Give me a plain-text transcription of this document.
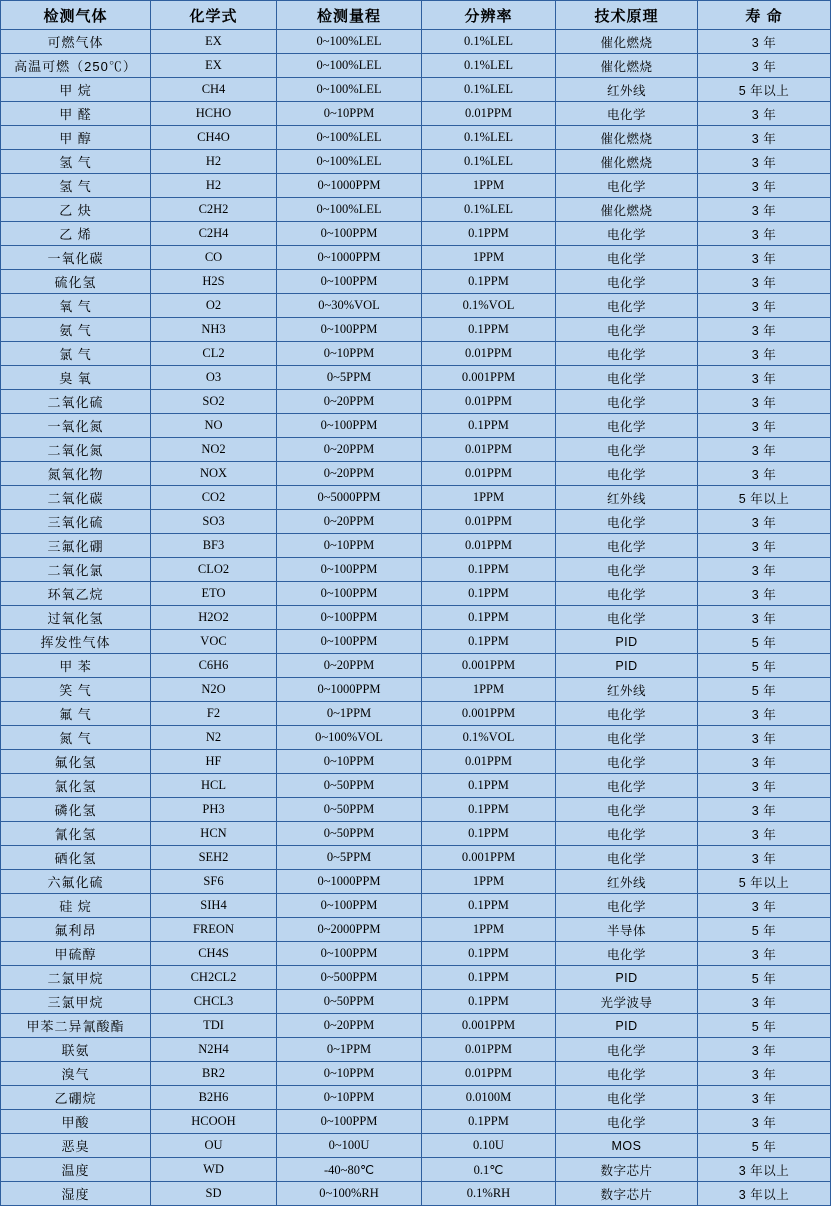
检测气体	化学式	检测量程	分辨率	技术原理	寿 命
可燃气体	EX	0~100%LEL	0.1%LEL	催化燃烧	3 年
高温可燃（250℃）	EX	0~100%LEL	0.1%LEL	催化燃烧	3 年
甲 烷	CH4	0~100%LEL	0.1%LEL	红外线	5 年以上
甲 醛	HCHO	0~10PPM	0.01PPM	电化学	3 年
甲 醇	CH4O	0~100%LEL	0.1%LEL	催化燃烧	3 年
氢 气	H2	0~100%LEL	0.1%LEL	催化燃烧	3 年
氢 气	H2	0~1000PPM	1PPM	电化学	3 年
乙 炔	C2H2	0~100%LEL	0.1%LEL	催化燃烧	3 年
乙 烯	C2H4	0~100PPM	0.1PPM	电化学	3 年
一氧化碳	CO	0~1000PPM	1PPM	电化学	3 年
硫化氢	H2S	0~100PPM	0.1PPM	电化学	3 年
氧 气	O2	0~30%VOL	0.1%VOL	电化学	3 年
氨 气	NH3	0~100PPM	0.1PPM	电化学	3 年
氯 气	CL2	0~10PPM	0.01PPM	电化学	3 年
臭 氧	O3	0~5PPM	0.001PPM	电化学	3 年
二氧化硫	SO2	0~20PPM	0.01PPM	电化学	3 年
一氧化氮	NO	0~100PPM	0.1PPM	电化学	3 年
二氧化氮	NO2	0~20PPM	0.01PPM	电化学	3 年
氮氧化物	NOX	0~20PPM	0.01PPM	电化学	3 年
二氧化碳	CO2	0~5000PPM	1PPM	红外线	5 年以上
三氧化硫	SO3	0~20PPM	0.01PPM	电化学	3 年
三氟化硼	BF3	0~10PPM	0.01PPM	电化学	3 年
二氧化氯	CLO2	0~100PPM	0.1PPM	电化学	3 年
环氧乙烷	ETO	0~100PPM	0.1PPM	电化学	3 年
过氧化氢	H2O2	0~100PPM	0.1PPM	电化学	3 年
挥发性气体	VOC	0~100PPM	0.1PPM	PID	5 年
甲 苯	C6H6	0~20PPM	0.001PPM	PID	5 年
笑 气	N2O	0~1000PPM	1PPM	红外线	5 年
氟 气	F2	0~1PPM	0.001PPM	电化学	3 年
氮 气	N2	0~100%VOL	0.1%VOL	电化学	3 年
氟化氢	HF	0~10PPM	0.01PPM	电化学	3 年
氯化氢	HCL	0~50PPM	0.1PPM	电化学	3 年
磷化氢	PH3	0~50PPM	0.1PPM	电化学	3 年
氰化氢	HCN	0~50PPM	0.1PPM	电化学	3 年
硒化氢	SEH2	0~5PPM	0.001PPM	电化学	3 年
六氟化硫	SF6	0~1000PPM	1PPM	红外线	5 年以上
硅 烷	SIH4	0~100PPM	0.1PPM	电化学	3 年
氟利昂	FREON	0~2000PPM	1PPM	半导体	5 年
甲硫醇	CH4S	0~100PPM	0.1PPM	电化学	3 年
二氯甲烷	CH2CL2	0~500PPM	0.1PPM	PID	5 年
三氯甲烷	CHCL3	0~50PPM	0.1PPM	光学波导	3 年
甲苯二异氰酸酯	TDI	0~20PPM	0.001PPM	PID	5 年
联氨	N2H4	0~1PPM	0.01PPM	电化学	3 年
溴气	BR2	0~10PPM	0.01PPM	电化学	3 年
乙硼烷	B2H6	0~10PPM	0.0100M	电化学	3 年
甲酸	HCOOH	0~100PPM	0.1PPM	电化学	3 年
恶臭	OU	0~100U	0.10U	MOS	5 年
温度	WD	-40~80℃	0.1℃	数字芯片	3 年以上
湿度	SD	0~100%RH	0.1%RH	数字芯片	3 年以上
